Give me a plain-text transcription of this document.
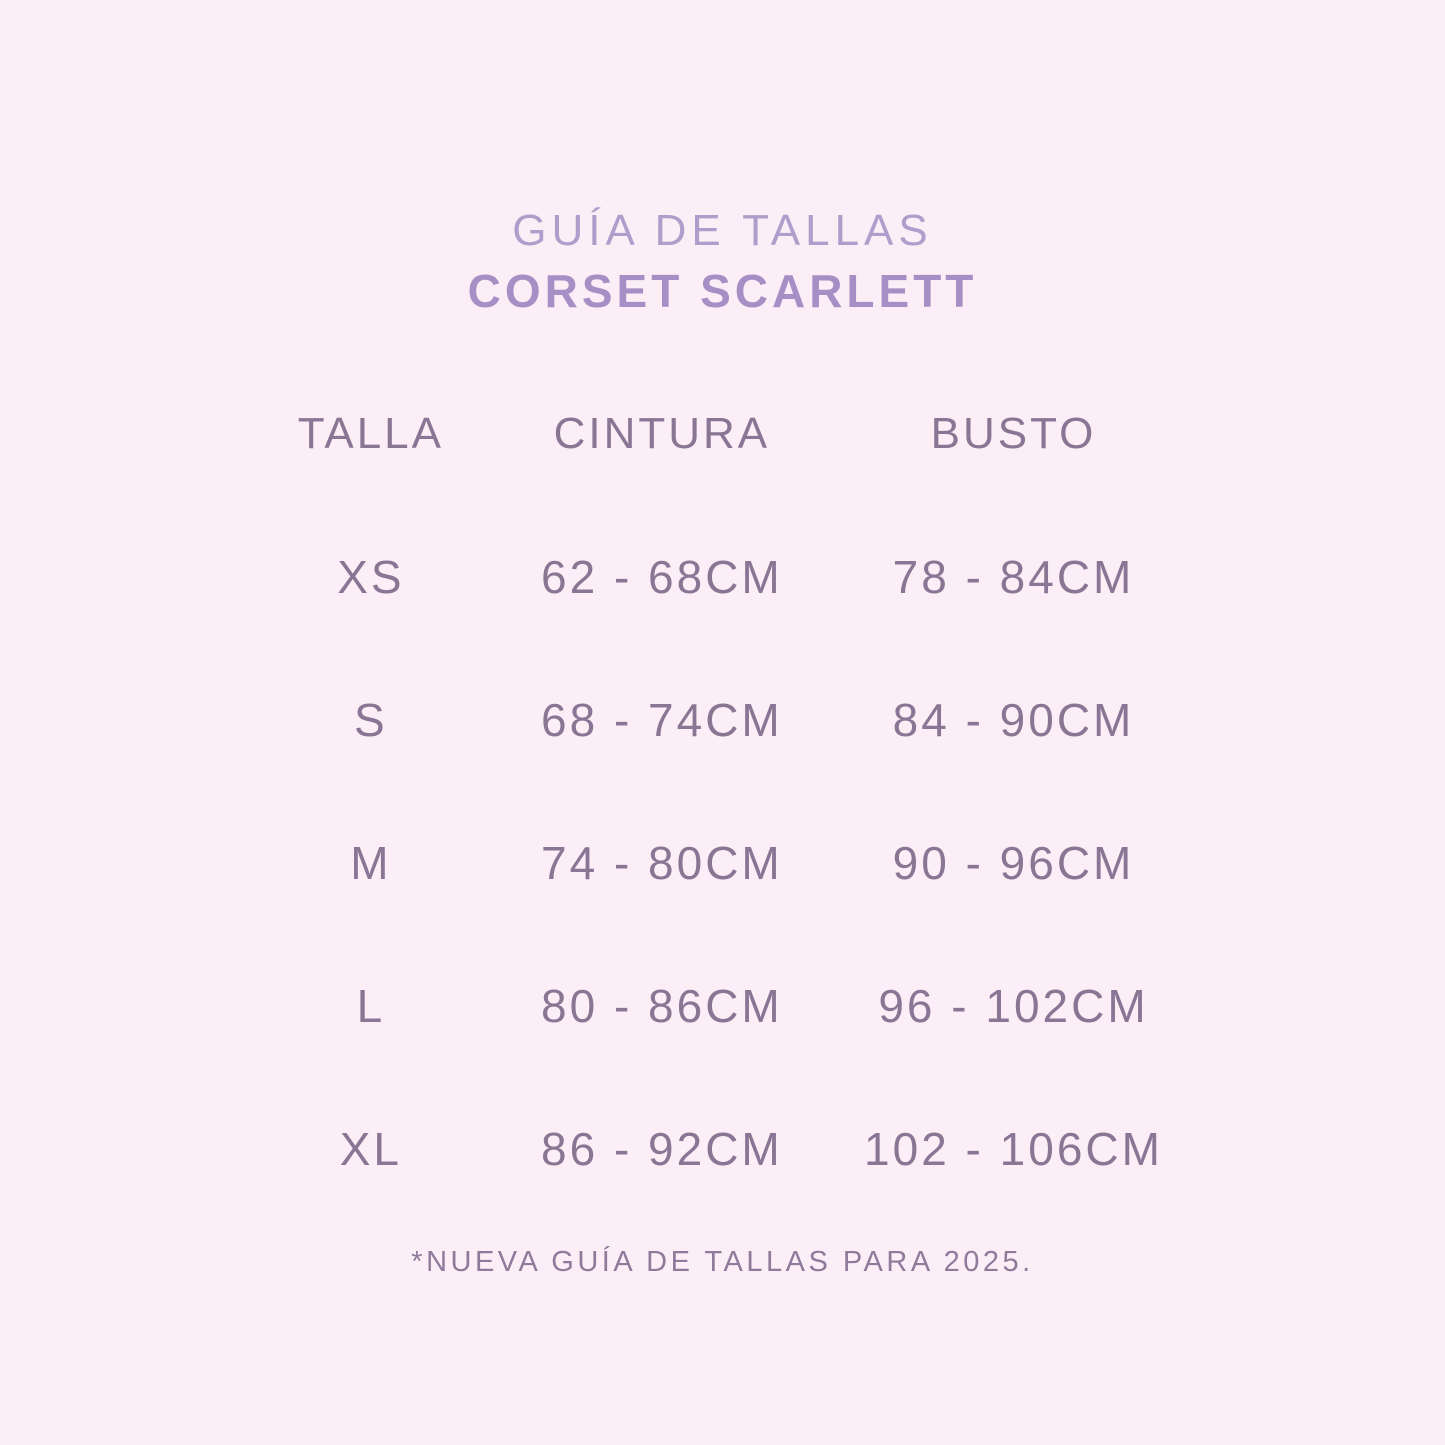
GUÍA DE TALLAS
CORSET SCARLETT
TALLA	CINTURA	BUSTO
XS	62 - 68CM	78 - 84CM
S	68 - 74CM	84 - 90CM
M	74 - 80CM	90 - 96CM
L	80 - 86CM	96 - 102CM
XL	86 - 92CM	102 - 106CM

*NUEVA GUÍA DE TALLAS PARA 2025.
